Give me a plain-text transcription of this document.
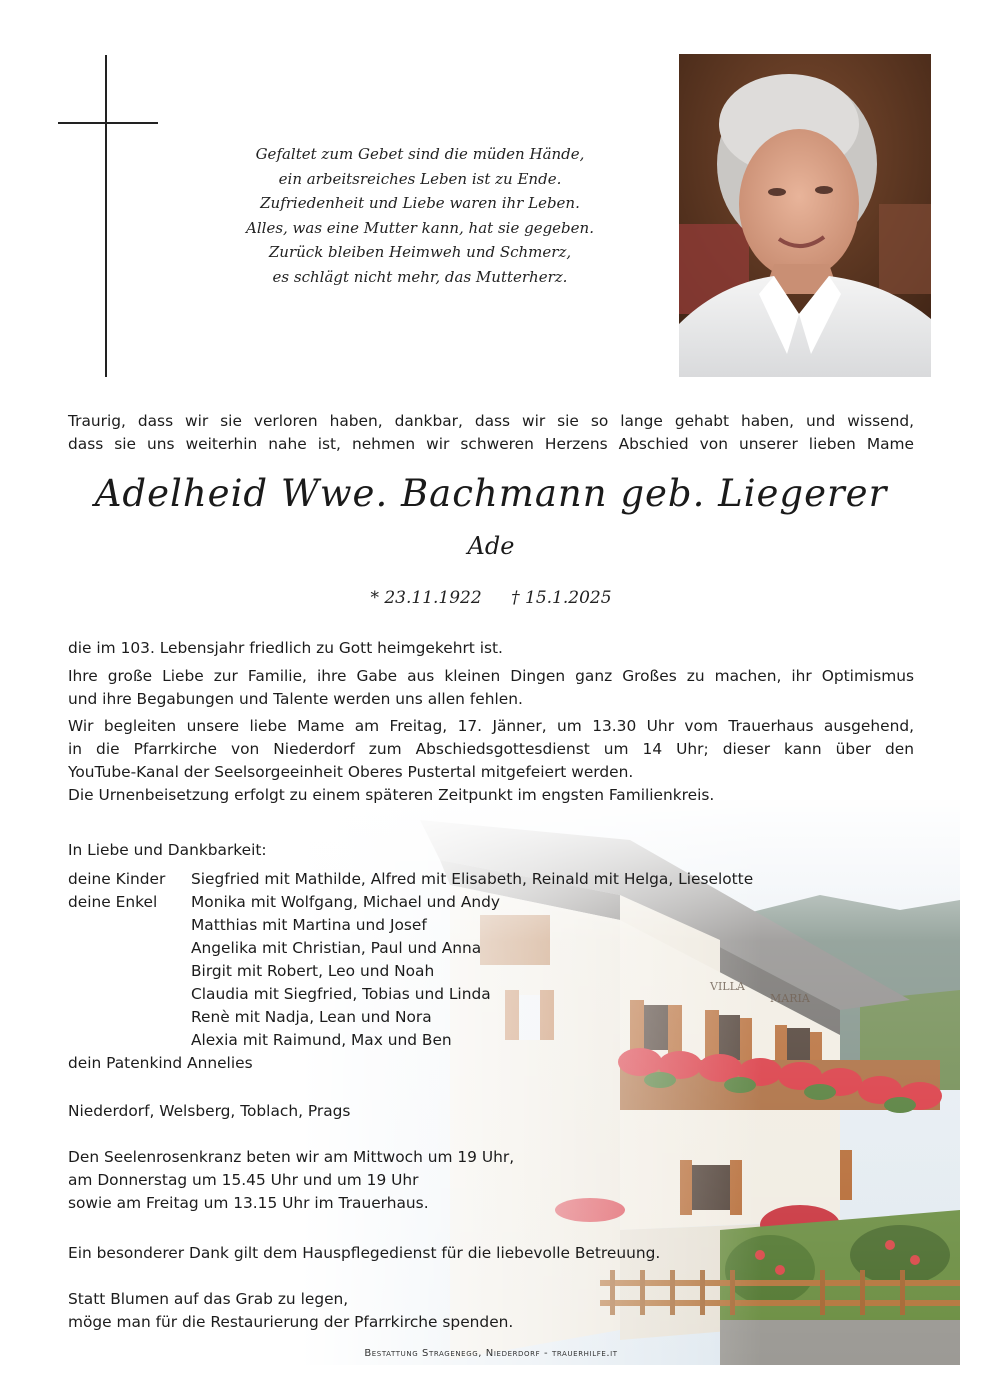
Gefaltet zum Gebet sind die müden Hände,
ein arbeitsreiches Leben ist zu Ende.
Zufriedenheit und Liebe waren ihr Leben.
Alles, was eine Mutter kann, hat sie gegeben.
Zurück bleiben Heimweh und Schmerz,
es schlägt nicht mehr, das Mutterherz.
Traurig, dass wir sie verloren haben, dankbar, dass wir sie so lange gehabt haben, und wissend,
dass sie uns weiterhin nahe ist, nehmen wir schweren Herzens Abschied von unserer lieben Mame
Adelheid Wwe. Bachmann geb. Liegerer
Ade
* 23.11.1922 † 15.1.2025
die im 103. Lebensjahr friedlich zu Gott heimgekehrt ist.
Ihre große Liebe zur Familie, ihre Gabe aus kleinen Dingen ganz Großes zu machen, ihr Optimismus
und ihre Begabungen und Talente werden uns allen fehlen.
Wir begleiten unsere liebe Mame am Freitag, 17. Jänner, um 13.30 Uhr vom Trauerhaus ausgehend,
in die Pfarrkirche von Niederdorf zum Abschiedsgottesdienst um 14 Uhr; dieser kann über den
YouTube-Kanal der Seelsorgeeinheit Oberes Pustertal mitgefeiert werden.
Die Urnenbeisetzung erfolgt zu einem späteren Zeitpunkt im engsten Familienkreis.
In Liebe und Dankbarkeit:
deine Kinder Siegfried mit Mathilde, Alfred mit Elisabeth, Reinald mit Helga, Lieselotte
deine Enkel Monika mit Wolfgang, Michael und Andy
Matthias mit Martina und Josef
Angelika mit Christian, Paul und Anna
Birgit mit Robert, Leo und Noah
Claudia mit Siegfried, Tobias und Linda
Renè mit Nadja, Lean und Nora
Alexia mit Raimund, Max und Ben
dein Patenkind Annelies
Niederdorf, Welsberg, Toblach, Prags
Den Seelenrosenkranz beten wir am Mittwoch um 19 Uhr,
am Donnerstag um 15.45 Uhr und um 19 Uhr
sowie am Freitag um 13.15 Uhr im Trauerhaus.
Ein besonderer Dank gilt dem Hauspflegedienst für die liebevolle Betreuung.
Statt Blumen auf das Grab zu legen,
möge man für die Restaurierung der Pfarrkirche spenden.
Bestattung Stragenegg, Niederdorf - trauerhilfe.it
